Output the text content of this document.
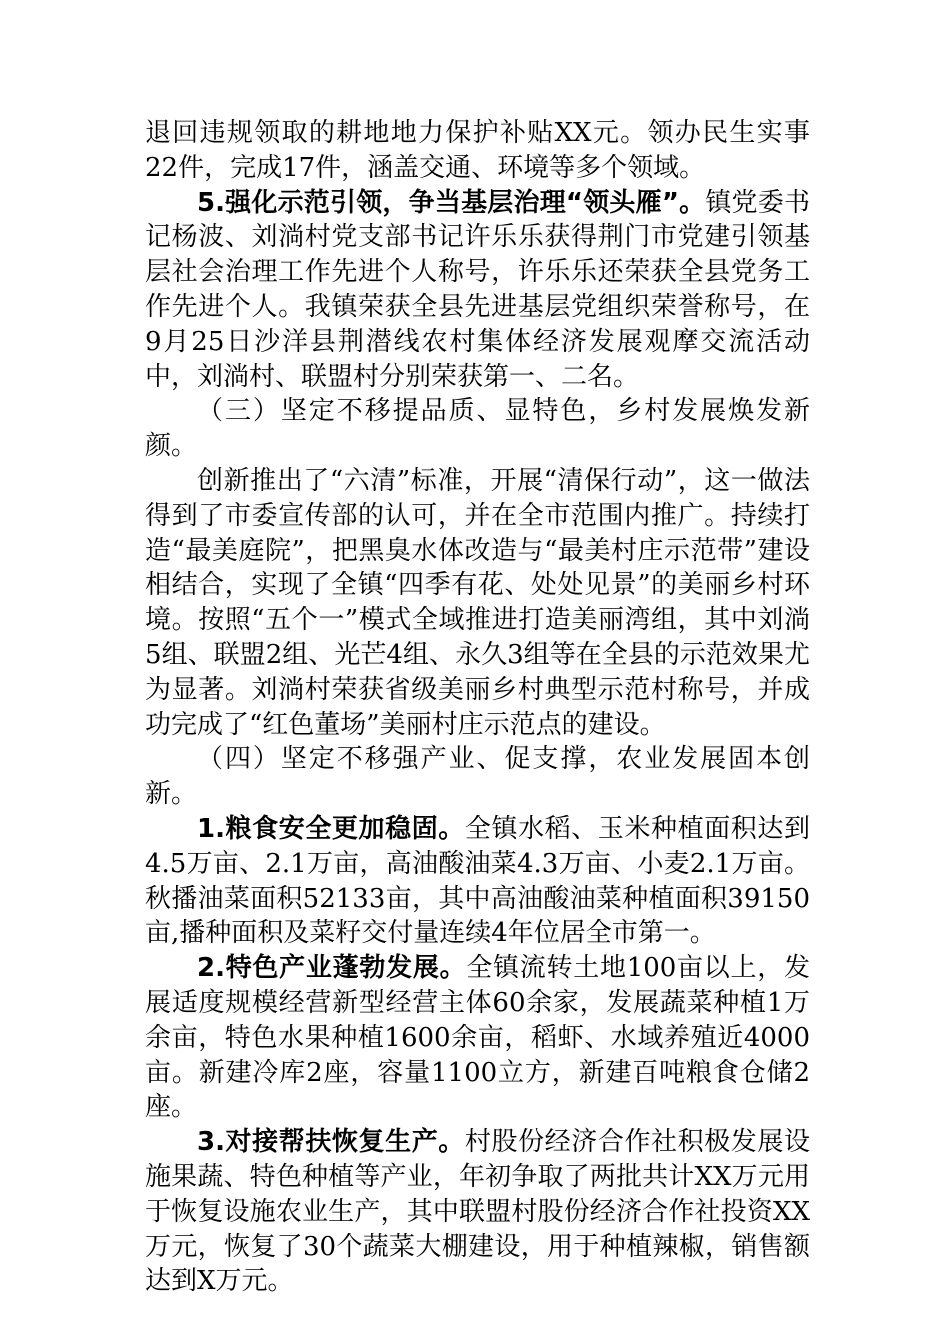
退回违规领取的耕地地力保护补贴XX元。领办民生实事22件，完成17件，涵盖交通、环境等多个领域。

5.强化示范引领，争当基层治理“领头雁”。镇党委书记杨波、刘淌村党支部书记许乐乐获得荆门市党建引领基层社会治理工作先进个人称号，许乐乐还荣获全县党务工作先进个人。我镇荣获全县先进基层党组织荣誉称号，在9月25日沙洋县荆潜线农村集体经济发展观摩交流活动中，刘淌村、联盟村分别荣获第一、二名。

（三）坚定不移提品质、显特色，乡村发展焕发新颜。

创新推出了“六清”标准，开展“清保行动”，这一做法得到了市委宣传部的认可，并在全市范围内推广。持续打造“最美庭院”，把黑臭水体改造与“最美村庄示范带”建设相结合，实现了全镇“四季有花、处处见景”的美丽乡村环境。按照“五个一”模式全域推进打造美丽湾组，其中刘淌5组、联盟2组、光芒4组、永久3组等在全县的示范效果尤为显著。刘淌村荣获省级美丽乡村典型示范村称号，并成功完成了“红色董场”美丽村庄示范点的建设。

（四）坚定不移强产业、促支撑，农业发展固本创新。

1.粮食安全更加稳固。全镇水稻、玉米种植面积达到4.5万亩、2.1万亩，高油酸油菜4.3万亩、小麦2.1万亩。秋播油菜面积52133亩，其中高油酸油菜种植面积39150亩,播种面积及菜籽交付量连续4年位居全市第一。

2.特色产业蓬勃发展。全镇流转土地100亩以上，发展适度规模经营新型经营主体60余家，发展蔬菜种植1万余亩，特色水果种植1600余亩，稻虾、水域养殖近4000亩。新建冷库2座，容量1100立方，新建百吨粮食仓储2座。

3.对接帮扶恢复生产。村股份经济合作社积极发展设施果蔬、特色种植等产业，年初争取了两批共计XX万元用于恢复设施农业生产，其中联盟村股份经济合作社投资XX万元，恢复了30个蔬菜大棚建设，用于种植辣椒，销售额达到X万元。
